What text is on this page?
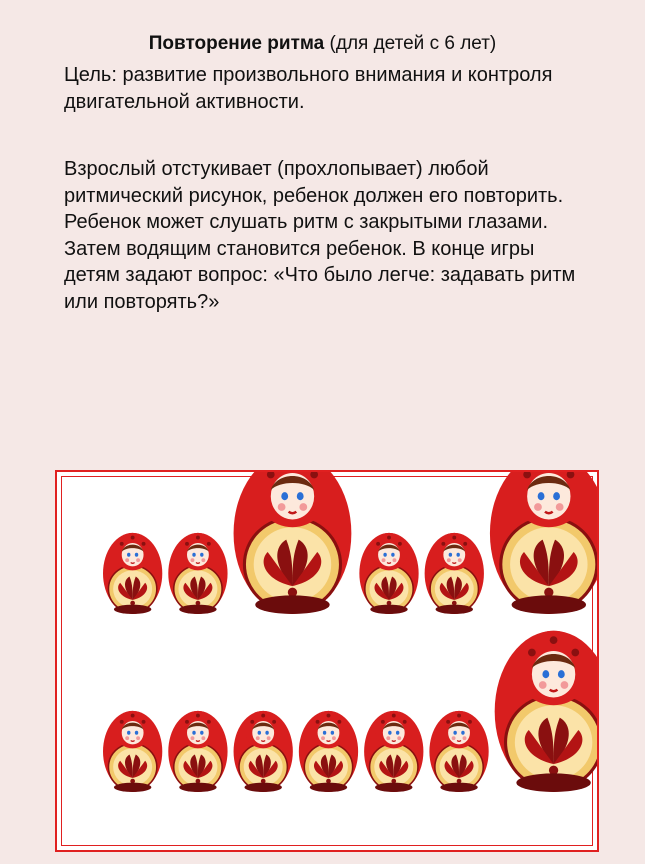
Повторение ритма (для детей с 6 лет)
Цель: развитие произвольного внимания и контроля двигательной активности.
Взрослый отстукивает (прохлопывает) любой ритмический рисунок, ребенок должен его повторить. Ребенок может слушать ритм с закрытыми глазами. Затем водящим становится ребенок. В конце игры детям задают вопрос: «Что было легче: задавать ритм или повторять?»
